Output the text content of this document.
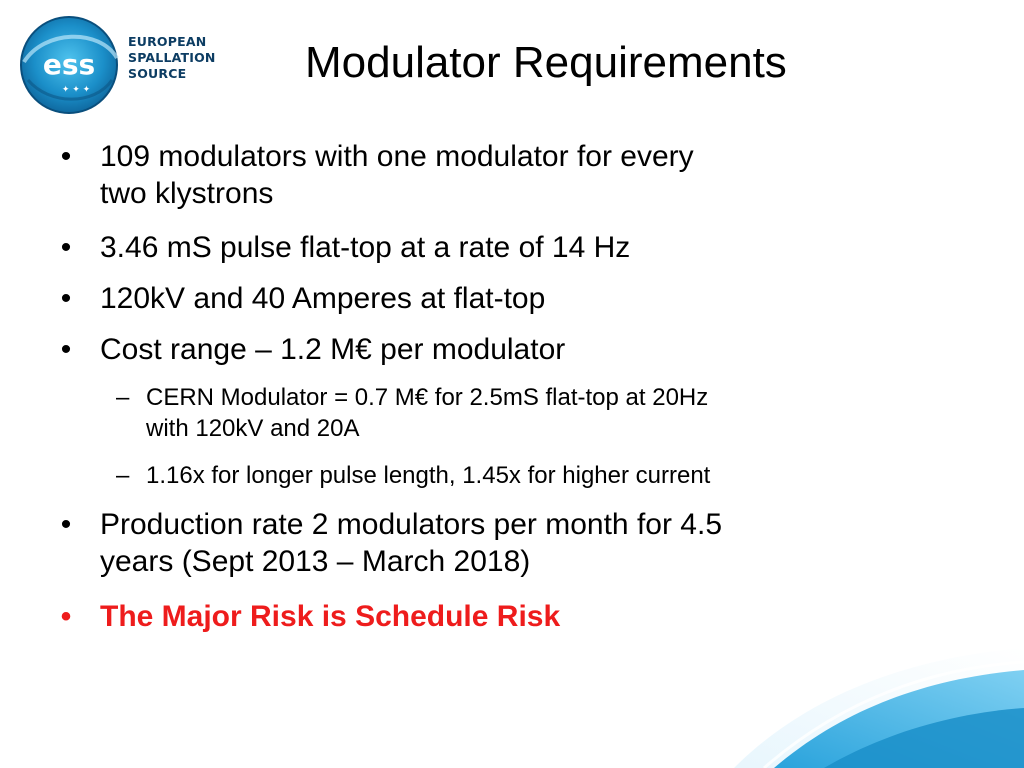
ess
✦ ✦ ✦
EUROPEAN
SPALLATION
SOURCE	Modulator Requirements
• 109 modulators with one modulator for every
two klystrons
• 3.46 mS pulse flat-top at a rate of 14 Hz
• 120kV and 40 Amperes at flat-top
• Cost range – 1.2 M€ per modulator
– CERN Modulator = 0.7 M€ for 2.5mS flat-top at 20Hz
with 120kV and 20A
– 1.16x for longer pulse length, 1.45x for higher current
• Production rate 2 modulators per month for 4.5
years (Sept 2013 – March 2018)
• The Major Risk is Schedule Risk
